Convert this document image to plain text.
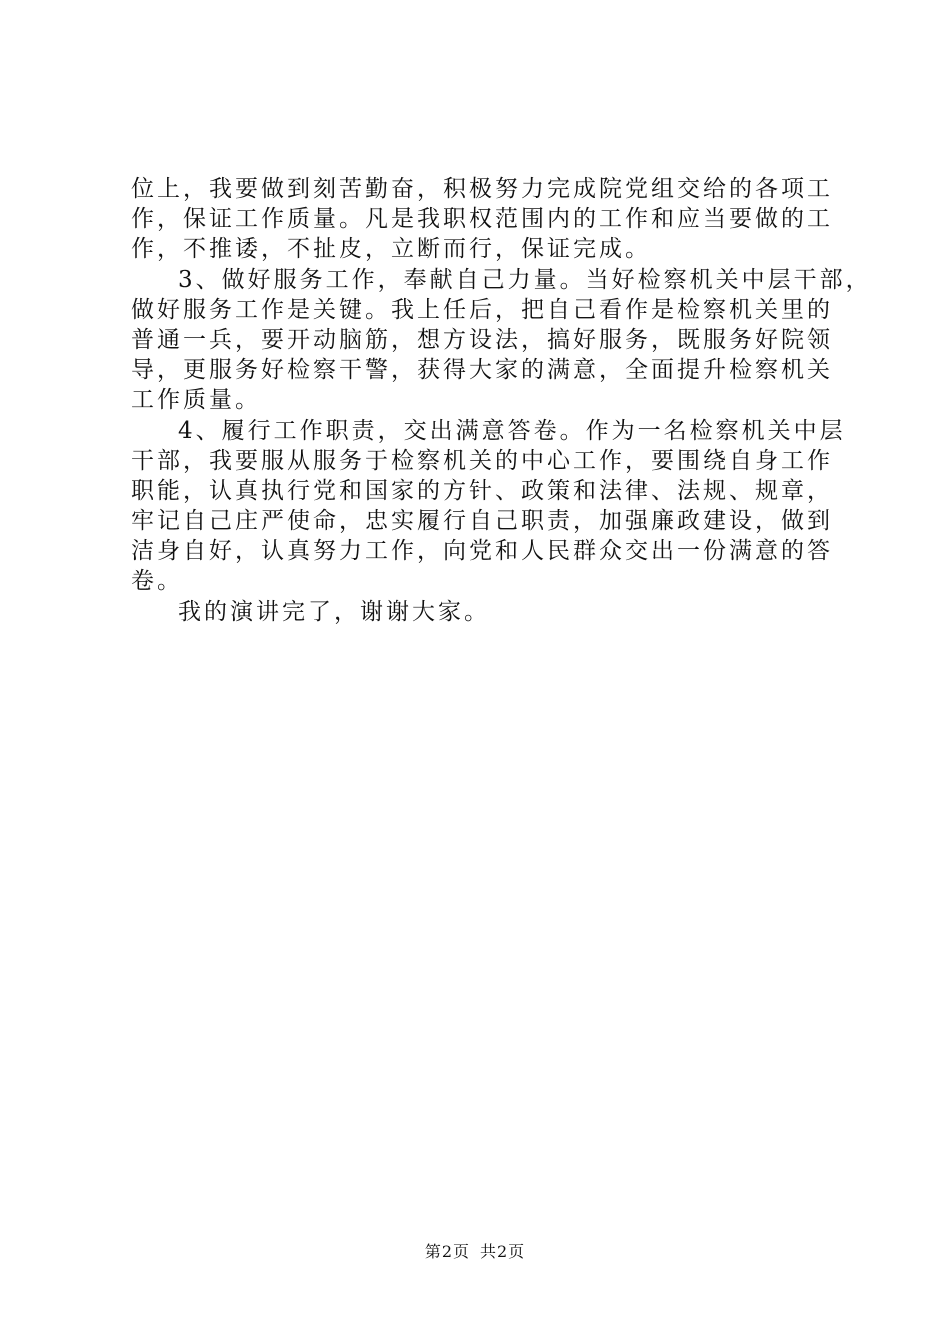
位上，我要做到刻苦勤奋，积极努力完成院党组交给的各项工
作，保证工作质量。凡是我职权范围内的工作和应当要做的工
作，不推诿，不扯皮，立断而行，保证完成。
3、做好服务工作，奉献自己力量。当好检察机关中层干部，
做好服务工作是关键。我上任后，把自己看作是检察机关里的
普通一兵，要开动脑筋，想方设法，搞好服务，既服务好院领
导，更服务好检察干警，获得大家的满意，全面提升检察机关
工作质量。
4、履行工作职责，交出满意答卷。作为一名检察机关中层
干部，我要服从服务于检察机关的中心工作，要围绕自身工作
职能，认真执行党和国家的方针、政策和法律、法规、规章，
牢记自己庄严使命，忠实履行自己职责，加强廉政建设，做到
洁身自好，认真努力工作，向党和人民群众交出一份满意的答
卷。
我的演讲完了，谢谢大家。
第2页 共2页
